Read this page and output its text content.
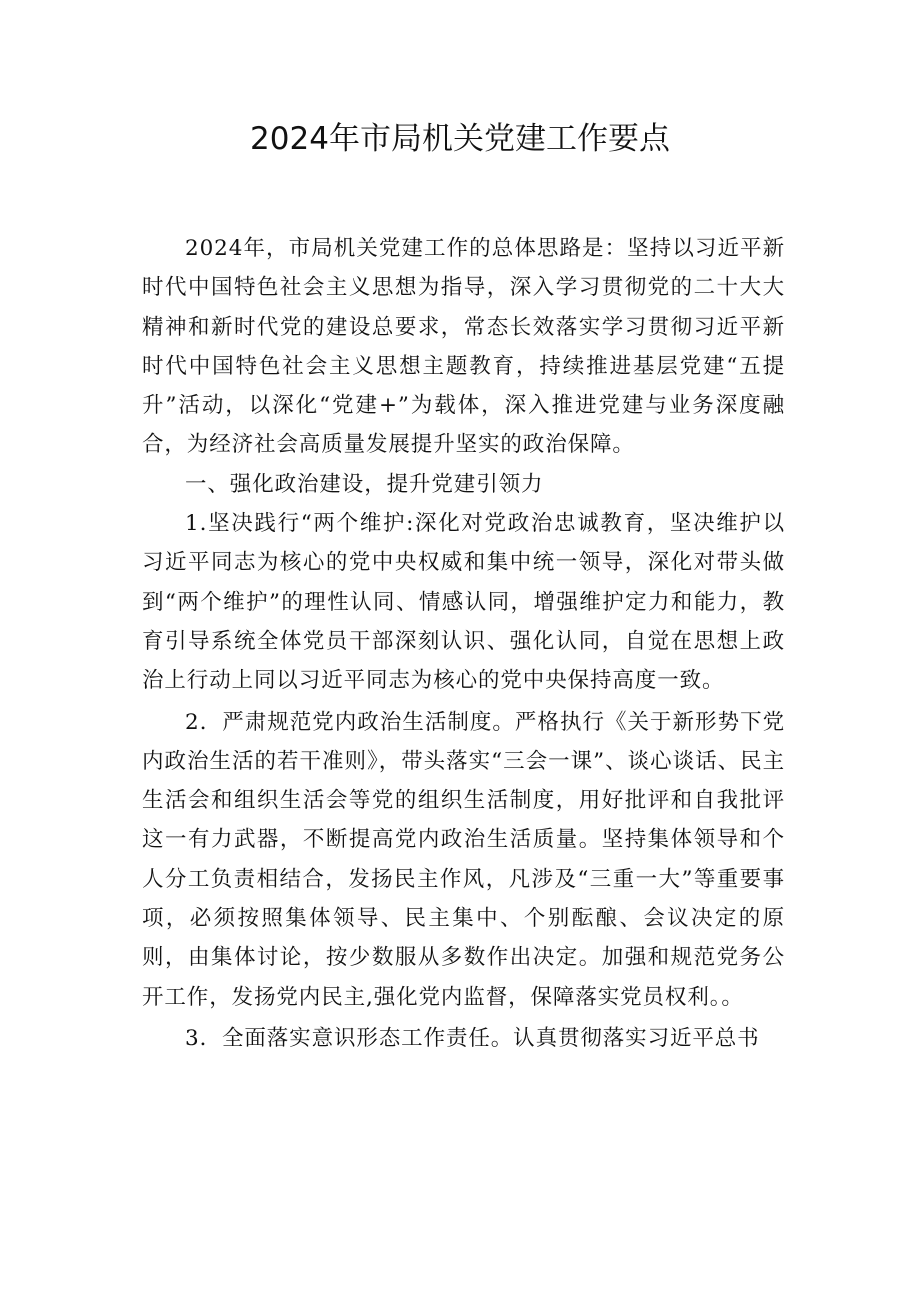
2024年市局机关党建工作要点

2024年，市局机关党建工作的总体思路是：坚持以习近平新时代中国特色社会主义思想为指导，深入学习贯彻党的二十大大精神和新时代党的建设总要求，常态长效落实学习贯彻习近平新时代中国特色社会主义思想主题教育，持续推进基层党建“五提升”活动，以深化“党建+”为载体，深入推进党建与业务深度融合，为经济社会高质量发展提升坚实的政治保障。

一、强化政治建设，提升党建引领力

1.坚决践行“两个维护:深化对党政治忠诚教育，坚决维护以习近平同志为核心的党中央权威和集中统一领导，深化对带头做到“两个维护”的理性认同、情感认同，增强维护定力和能力，教育引导系统全体党员干部深刻认识、强化认同，自觉在思想上政治上行动上同以习近平同志为核心的党中央保持高度一致。

2．严肃规范党内政治生活制度。严格执行《关于新形势下党内政治生活的若干准则》，带头落实“三会一课”、谈心谈话、民主生活会和组织生活会等党的组织生活制度，用好批评和自我批评这一有力武器，不断提高党内政治生活质量。坚持集体领导和个人分工负责相结合，发扬民主作风，凡涉及“三重一大”等重要事项，必须按照集体领导、民主集中、个别酝酿、会议决定的原则，由集体讨论，按少数服从多数作出决定。加强和规范党务公开工作，发扬党内民主,强化党内监督，保障落实党员权利。。

3．全面落实意识形态工作责任。认真贯彻落实习近平总书
